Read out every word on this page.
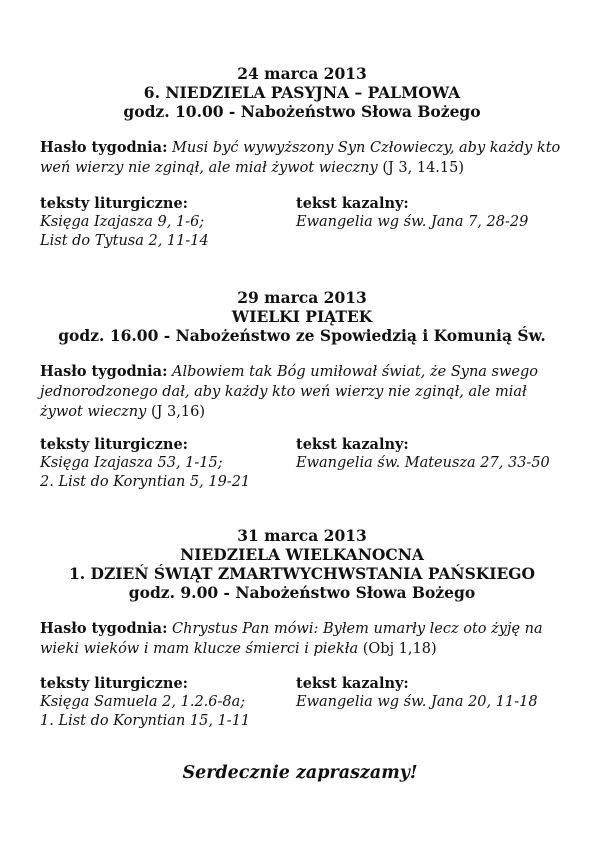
24 marca 2013
6. NIEDZIELA PASYJNA – PALMOWA
godz. 10.00 - Nabożeństwo Słowa Bożego
Hasło tygodnia: Musi być wywyższony Syn Człowieczy, aby każdy kto weń wierzy nie zginął, ale miał żywot wieczny (J 3, 14.15)
teksty liturgiczne:
Księga Izajasza 9, 1-6;
List do Tytusa 2, 11-14
tekst kazalny:
Ewangelia wg św. Jana 7, 28-29
29 marca 2013
WIELKI PIĄTEK
godz. 16.00 - Nabożeństwo ze Spowiedzią i Komunią Św.
Hasło tygodnia: Albowiem tak Bóg umiłował świat, że Syna swego jednorodzonego dał, aby każdy kto weń wierzy nie zginął, ale miał żywot wieczny (J 3,16)
teksty liturgiczne:
Księga Izajasza 53, 1-15;
2. List do Koryntian 5, 19-21
tekst kazalny:
Ewangelia św. Mateusza 27, 33-50
31 marca 2013
NIEDZIELA WIELKANOCNA
1. DZIEŃ ŚWIĄT ZMARTWYCHWSTANIA PAŃSKIEGO
godz. 9.00 - Nabożeństwo Słowa Bożego
Hasło tygodnia: Chrystus Pan mówi: Byłem umarły lecz oto żyję na wieki wieków i mam klucze śmierci i piekła (Obj 1,18)
teksty liturgiczne:
Księga Samuela 2, 1.2.6-8a;
1. List do Koryntian 15, 1-11
tekst kazalny:
Ewangelia wg św. Jana 20, 11-18
Serdecznie zapraszamy!
